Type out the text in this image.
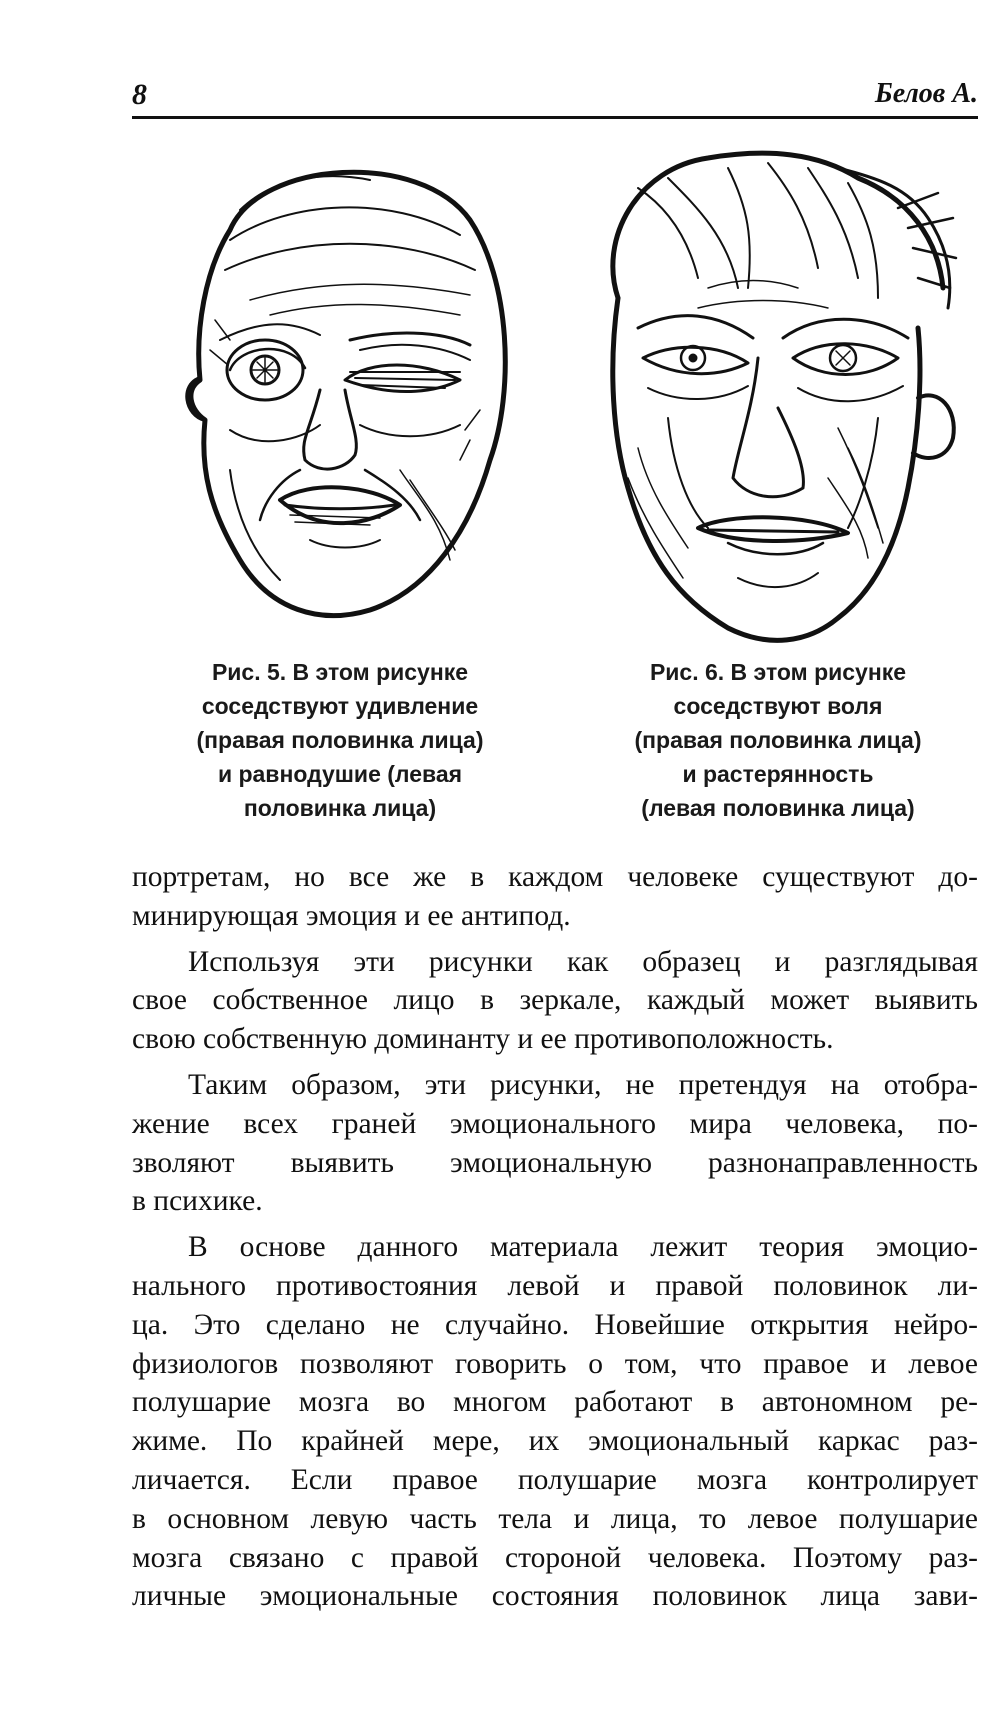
8	Белов А.
Рис. 5. В этом рисунке
соседствуют удивление
(правая половинка лица)
и равнодушие (левая
половинка лица)
Рис. 6. В этом рисунке
соседствуют воля
(правая половинка лица)
и растерянность
(левая половинка лица)
портретам, но все же в каждом человеке существуют до-
минирующая эмоция и ее антипод.
Используя эти рисунки как образец и разглядывая
свое собственное лицо в зеркале, каждый может выявить
свою собственную доминанту и ее противоположность.
Таким образом, эти рисунки, не претендуя на отобра-
жение всех граней эмоционального мира человека, по-
зволяют выявить эмоциональную разнонаправленность
в психике.
В основе данного материала лежит теория эмоцио-
нального противостояния левой и правой половинок ли-
ца. Это сделано не случайно. Новейшие открытия нейро-
физиологов позволяют говорить о том, что правое и левое
полушарие мозга во многом работают в автономном ре-
жиме. По крайней мере, их эмоциональный каркас раз-
личается. Если правое полушарие мозга контролирует
в основном левую часть тела и лица, то левое полушарие
мозга связано с правой стороной человека. Поэтому раз-
личные эмоциональные состояния половинок лица зави-
